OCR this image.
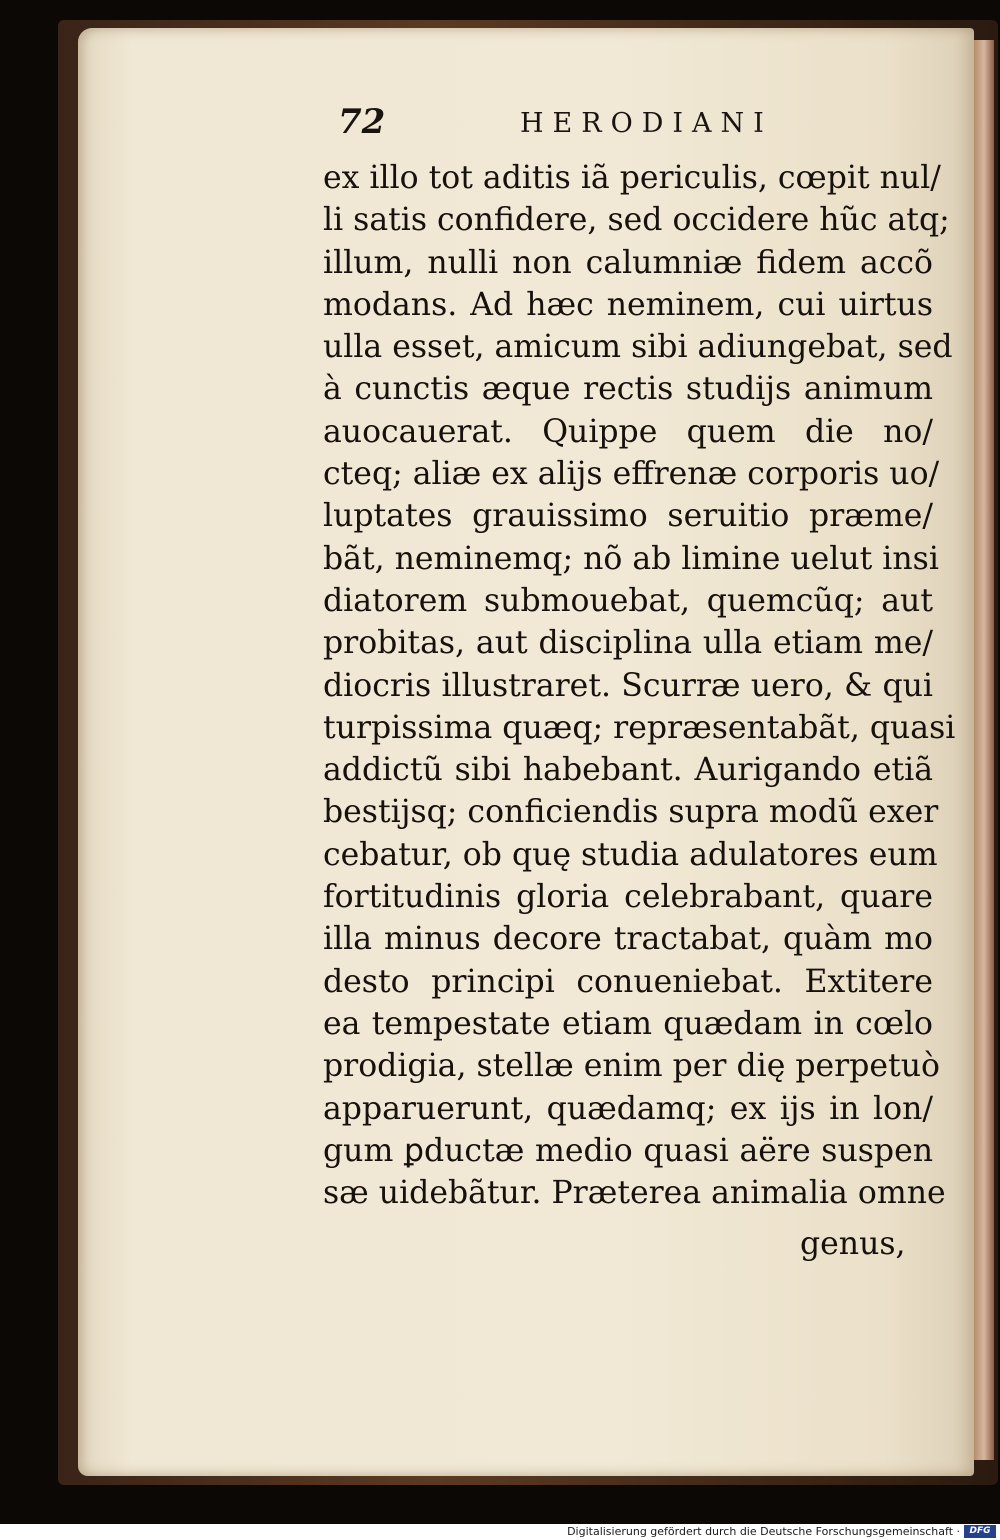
72	HERODIANI
ex illo tot aditis iã periculis, cœpit nul/
li satis confidere, sed occidere hũc atq;
illum, nulli non calumniæ fidem accõ
modans. Ad hæc neminem, cui uirtus
ulla esset, amicum sibi adiungebat, sed
à cunctis æque rectis studijs animum
auocauerat. Quippe quem die no/
cteq; aliæ ex alijs effrenæ corporis uo/
luptates grauissimo seruitio præme/
bãt, neminemq; nõ ab limine uelut insi
diatorem submouebat, quemcũq; aut
probitas, aut disciplina ulla etiam me/
diocris illustraret. Scurræ uero, & qui
turpissima quæq; repræsentabãt, quasi
addictũ sibi habebant. Aurigando etiã
bestijsq; conficiendis supra modũ exer
cebatur, ob quę studia adulatores eum
fortitudinis gloria celebrabant, quare
illa minus decore tractabat, quàm mo
desto principi conueniebat. Extitere
ea tempestate etiam quædam in cœlo
prodigia, stellæ enim per dię perpetuò
apparuerunt, quædamq; ex ijs in lon/
gum ꝑductæ medio quasi aëre suspen
sæ uidebãtur. Præterea animalia omne
genus,
Digitalisierung gefördert durch die Deutsche Forschungsgemeinschaft ·	DFG
